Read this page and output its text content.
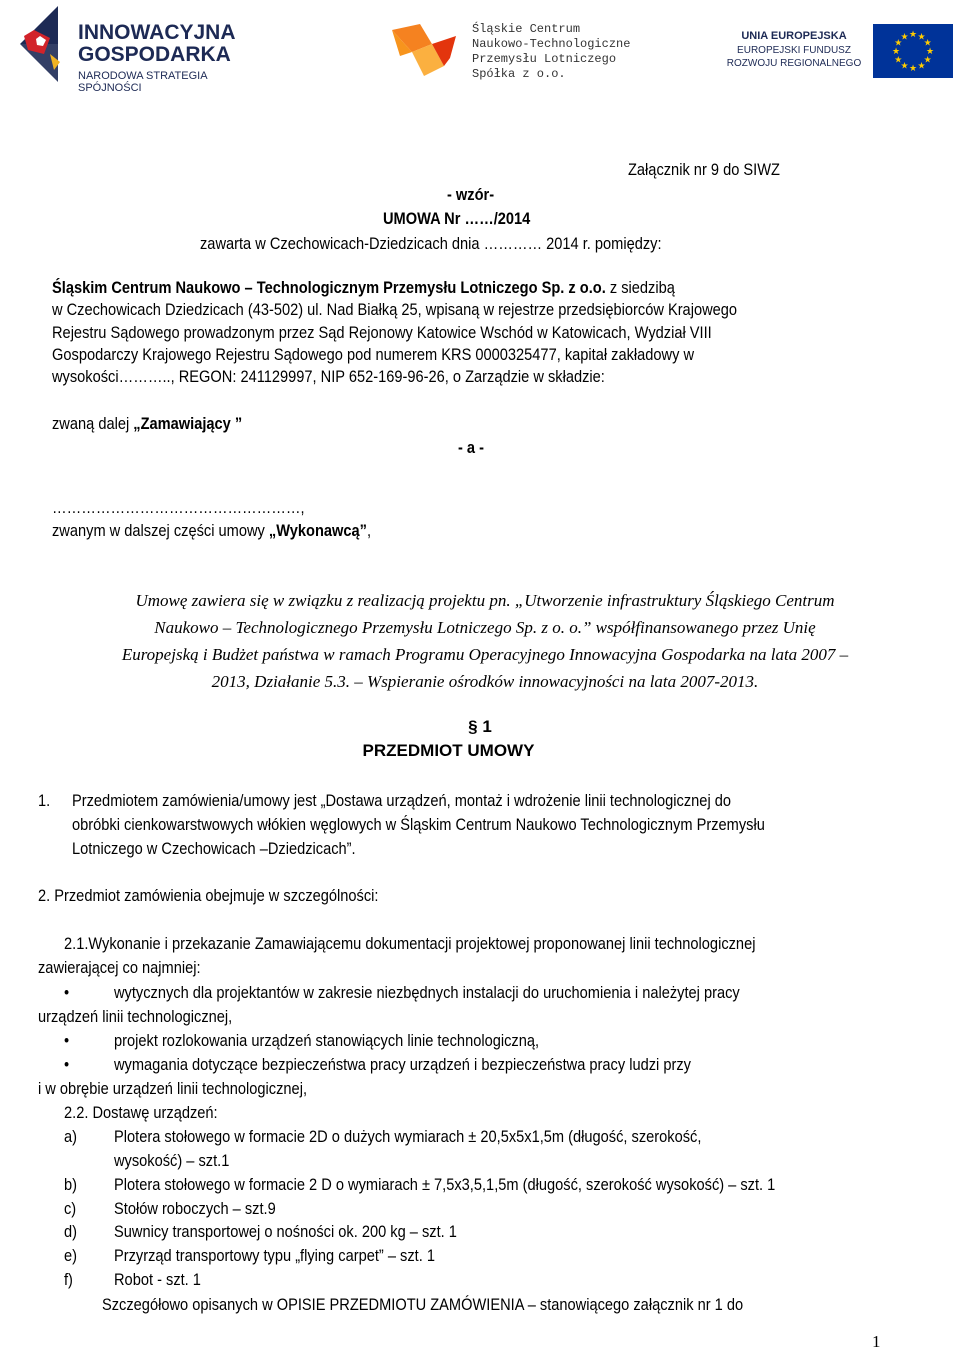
INNOWACYJNA
GOSPODARKA
NARODOWA STRATEGIA SPÓJNOŚCI
Śląskie Centrum
Naukowo-Technologiczne
Przemysłu Lotniczego
Spółka z o.o.
UNIA EUROPEJSKA
EUROPEJSKI FUNDUSZ
ROZWOJU REGIONALNEGO
★
★
★
★
★
★
★
★
★ ★ ★
★
Załącznik nr 9 do SIWZ
- wzór-
UMOWA Nr ……/2014
zawarta w Czechowicach-Dziedzicach dnia ………… 2014 r. pomiędzy:
Śląskim Centrum Naukowo – Technologicznym Przemysłu Lotniczego Sp. z o.o. z siedzibą
w Czechowicach Dziedzicach (43-502) ul. Nad Białką 25, wpisaną w rejestrze przedsiębiorców Krajowego
Rejestru Sądowego prowadzonym przez Sąd Rejonowy Katowice Wschód w Katowicach, Wydział VIII
Gospodarczy Krajowego Rejestru Sądowego pod numerem KRS 0000325477, kapitał zakładowy w
wysokości……….., REGON: 241129997, NIP 652-169-96-26, o Zarządzie w składzie:
zwaną dalej „Zamawiający ”
- a -
……………………………………………,
zwanym w dalszej części umowy „Wykonawcą”,
Umowę zawiera się w związku z realizacją projektu pn. „Utworzenie infrastruktury Śląskiego Centrum
Naukowo – Technologicznego Przemysłu Lotniczego Sp. z o. o.” współfinansowanego przez Unię
Europejską i Budżet państwa w ramach Programu Operacyjnego Innowacyjna Gospodarka na lata 2007 –
2013, Działanie 5.3. – Wspieranie ośrodków innowacyjności na lata 2007-2013.
§ 1
PRZEDMIOT UMOWY
1. Przedmiotem zamówienia/umowy jest „Dostawa urządzeń, montaż i wdrożenie linii technologicznej do
obróbki cienkowarstwowych włókien węglowych w Śląskim Centrum Naukowo Technologicznym Przemysłu
Lotniczego w Czechowicach –Dziedzicach”.
2. Przedmiot zamówienia obejmuje w szczególności:
2.1.Wykonanie i przekazanie Zamawiającemu dokumentacji projektowej proponowanej linii technologicznej
zawierającej co najmniej:
•	wytycznych dla projektantów w zakresie niezbędnych instalacji do uruchomienia i należytej pracy
urządzeń linii technologicznej,
•	projekt rozlokowania urządzeń stanowiących linie technologiczną,
•	wymagania dotyczące bezpieczeństwa pracy urządzeń i bezpieczeństwa pracy ludzi przy
i w obrębie urządzeń linii technologicznej,
2.2. Dostawę urządzeń:
a) Plotera stołowego w formacie 2D o dużych wymiarach ± 20,5x5x1,5m (długość, szerokość,
wysokość) – szt.1
b) Plotera stołowego w formacie 2 D o wymiarach ± 7,5x3,5,1,5m (długość, szerokość wysokość) – szt. 1
c) Stołów roboczych – szt.9
d) Suwnicy transportowej o nośności ok. 200 kg – szt. 1
e) Przyrząd transportowy typu „flying carpet” – szt. 1
f) Robot - szt. 1
Szczegółowo opisanych w OPISIE PRZEDMIOTU ZAMÓWIENIA – stanowiącego załącznik nr 1 do
1
